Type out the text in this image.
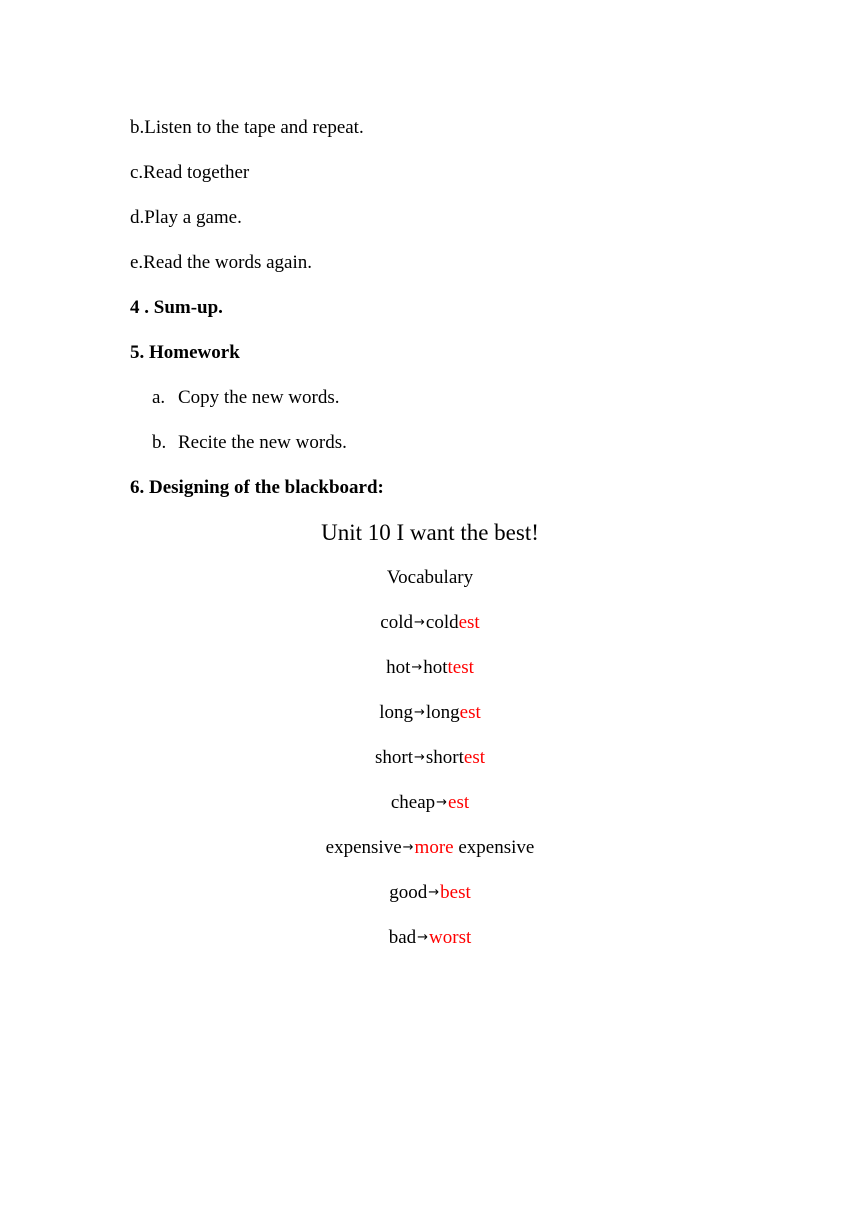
b.Listen to the tape and repeat.
c.Read together
d.Play a game.
e.Read the words again.
4 . Sum-up.
5. Homework
a. Copy the new words.
b. Recite the new words.
6. Designing of the blackboard:
Unit 10 I want the best!
Vocabulary
cold→coldest
hot→hottest
long→longest
short→shortest
cheap→est
expensive→more expensive
good→best
bad→worst
